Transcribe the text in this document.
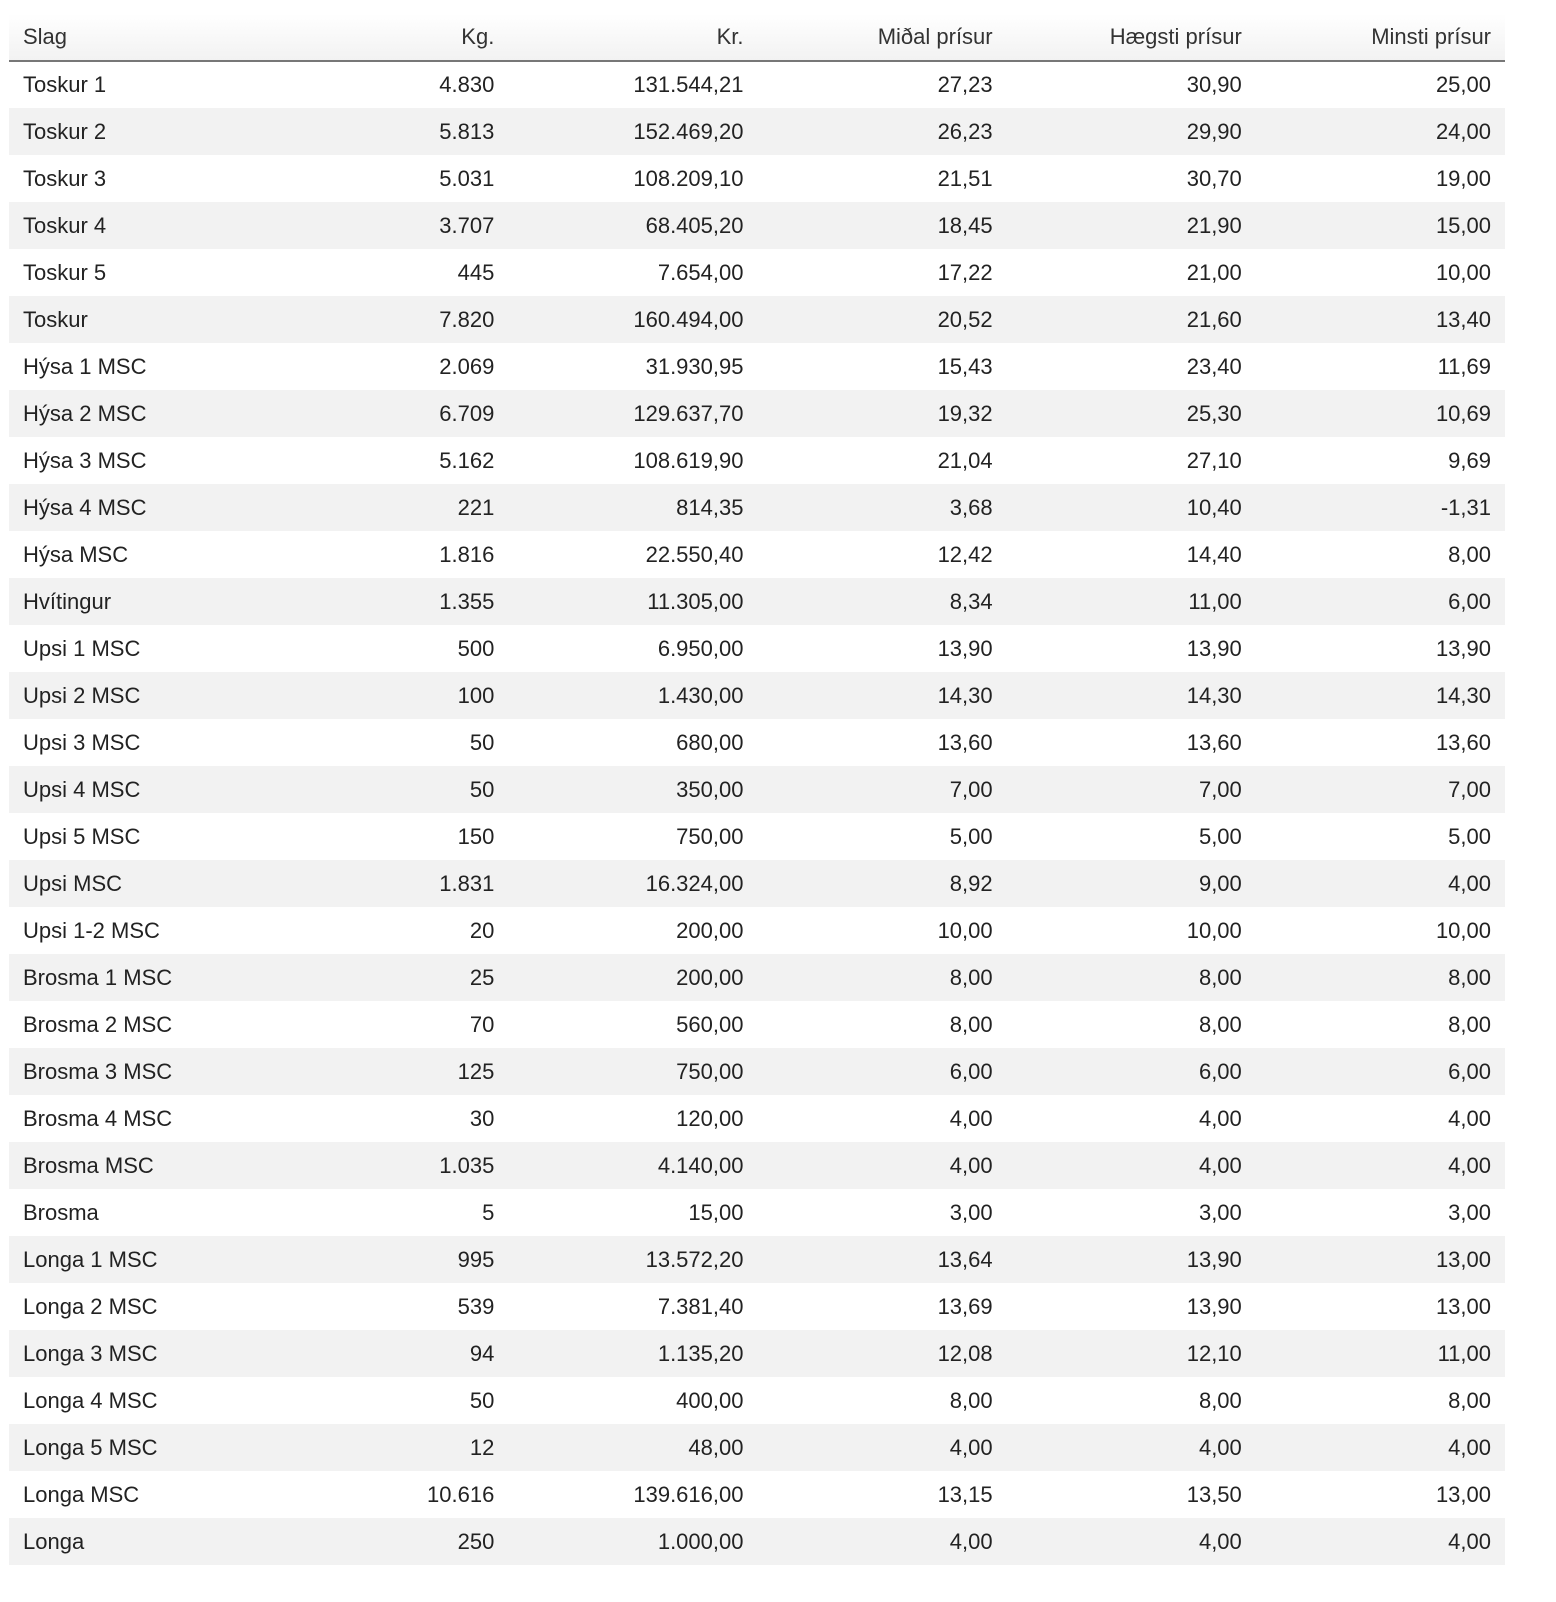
Slag	Kg.	Kr.	Miðal prísur	Hægsti prísur	Minsti prísur
Toskur 1	4.830	131.544,21	27,23	30,90	25,00
Toskur 2	5.813	152.469,20	26,23	29,90	24,00
Toskur 3	5.031	108.209,10	21,51	30,70	19,00
Toskur 4	3.707	68.405,20	18,45	21,90	15,00
Toskur 5	445	7.654,00	17,22	21,00	10,00
Toskur	7.820	160.494,00	20,52	21,60	13,40
Hýsa 1 MSC	2.069	31.930,95	15,43	23,40	11,69
Hýsa 2 MSC	6.709	129.637,70	19,32	25,30	10,69
Hýsa 3 MSC	5.162	108.619,90	21,04	27,10	9,69
Hýsa 4 MSC	221	814,35	3,68	10,40	-1,31
Hýsa MSC	1.816	22.550,40	12,42	14,40	8,00
Hvítingur	1.355	11.305,00	8,34	11,00	6,00
Upsi 1 MSC	500	6.950,00	13,90	13,90	13,90
Upsi 2 MSC	100	1.430,00	14,30	14,30	14,30
Upsi 3 MSC	50	680,00	13,60	13,60	13,60
Upsi 4 MSC	50	350,00	7,00	7,00	7,00
Upsi 5 MSC	150	750,00	5,00	5,00	5,00
Upsi MSC	1.831	16.324,00	8,92	9,00	4,00
Upsi 1-2 MSC	20	200,00	10,00	10,00	10,00
Brosma 1 MSC	25	200,00	8,00	8,00	8,00
Brosma 2 MSC	70	560,00	8,00	8,00	8,00
Brosma 3 MSC	125	750,00	6,00	6,00	6,00
Brosma 4 MSC	30	120,00	4,00	4,00	4,00
Brosma MSC	1.035	4.140,00	4,00	4,00	4,00
Brosma	5	15,00	3,00	3,00	3,00
Longa 1 MSC	995	13.572,20	13,64	13,90	13,00
Longa 2 MSC	539	7.381,40	13,69	13,90	13,00
Longa 3 MSC	94	1.135,20	12,08	12,10	11,00
Longa 4 MSC	50	400,00	8,00	8,00	8,00
Longa 5 MSC	12	48,00	4,00	4,00	4,00
Longa MSC	10.616	139.616,00	13,15	13,50	13,00
Longa	250	1.000,00	4,00	4,00	4,00
